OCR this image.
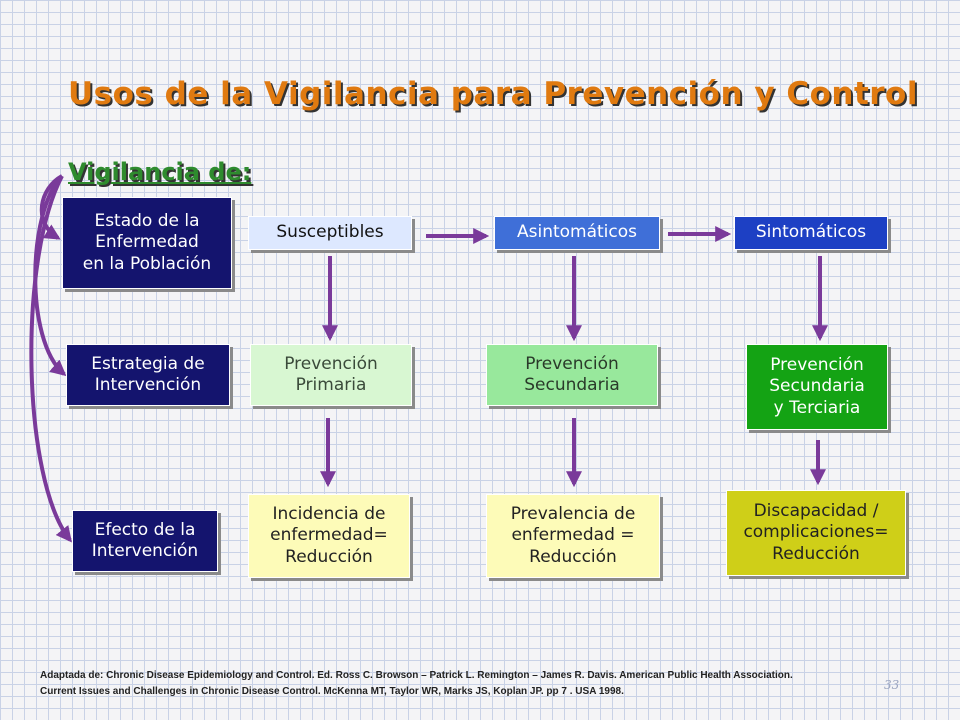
Usos de la Vigilancia para Prevención y Control
Vigilancia de:
Estado de la
Enfermedad
en la Población
Estrategia de
Intervención
Efecto de la
Intervención
Susceptibles	Asintomáticos	Sintomáticos
Prevención
Primaria
Prevención
Secundaria
Prevención
Secundaria
y Terciaria
Incidencia de
enfermedad=
Reducción
Prevalencia de
enfermedad =
Reducción
Discapacidad /
complicaciones=
Reducción
Adaptada de: Chronic Disease Epidemiology and Control. Ed. Ross C. Browson – Patrick L. Remington – James R. Davis. American Public Health Association.
Current Issues and Challenges in Chronic Disease Control. McKenna MT, Taylor WR, Marks JS, Koplan JP. pp 7 . USA 1998.	33
